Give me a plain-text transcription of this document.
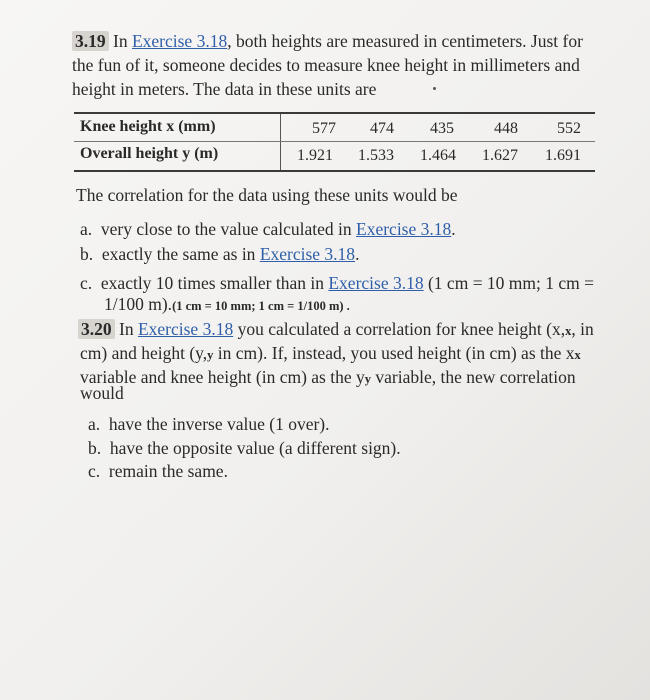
3.19 In Exercise 3.18, both heights are measured in centimeters. Just for
the fun of it, someone decides to measure knee height in millimeters and
height in meters. The data in these units are
Knee height x (mm)	577	474	435	448	552
Overall height y (m)	1.921	1.533	1.464	1.627	1.691
The correlation for the data using these units would be
a. very close to the value calculated in Exercise 3.18.
b. exactly the same as in Exercise 3.18.
c. exactly 10 times smaller than in Exercise 3.18 (1 cm = 10 mm; 1 cm =
1/100 m).(1 cm = 10 mm; 1 cm = 1/100 m) .
3.20 In Exercise 3.18 you calculated a correlation for knee height (x,x, in
cm) and height (y,y in cm). If, instead, you used height (in cm) as the xx
variable and knee height (in cm) as the yy variable, the new correlation
would
a. have the inverse value (1 over).
b. have the opposite value (a different sign).
c. remain the same.
